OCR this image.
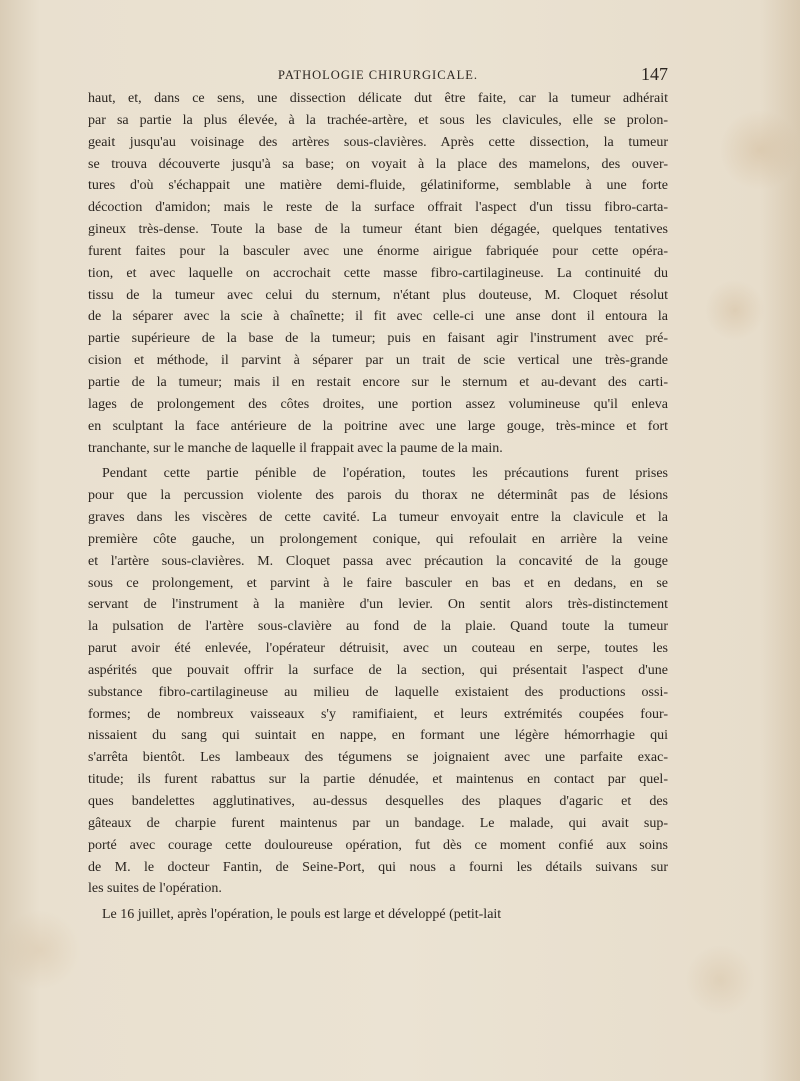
PATHOLOGIE CHIRURGICALE.	147
haut, et, dans ce sens, une dissection délicate dut être faite, car la tumeur adhérait
par sa partie la plus élevée, à la trachée-artère, et sous les clavicules, elle se prolon-
geait jusqu'au voisinage des artères sous-clavières. Après cette dissection, la tumeur
se trouva découverte jusqu'à sa base; on voyait à la place des mamelons, des ouver-
tures d'où s'échappait une matière demi-fluide, gélatiniforme, semblable à une forte
décoction d'amidon; mais le reste de la surface offrait l'aspect d'un tissu fibro-carta-
gineux très-dense. Toute la base de la tumeur étant bien dégagée, quelques tentatives
furent faites pour la basculer avec une énorme airigue fabriquée pour cette opéra-
tion, et avec laquelle on accrochait cette masse fibro-cartilagineuse. La continuité du
tissu de la tumeur avec celui du sternum, n'étant plus douteuse, M. Cloquet résolut
de la séparer avec la scie à chaînette; il fit avec celle-ci une anse dont il entoura la
partie supérieure de la base de la tumeur; puis en faisant agir l'instrument avec pré-
cision et méthode, il parvint à séparer par un trait de scie vertical une très-grande
partie de la tumeur; mais il en restait encore sur le sternum et au-devant des carti-
lages de prolongement des côtes droites, une portion assez volumineuse qu'il enleva
en sculptant la face antérieure de la poitrine avec une large gouge, très-mince et fort
tranchante, sur le manche de laquelle il frappait avec la paume de la main.
Pendant cette partie pénible de l'opération, toutes les précautions furent prises
pour que la percussion violente des parois du thorax ne déterminât pas de lésions
graves dans les viscères de cette cavité. La tumeur envoyait entre la clavicule et la
première côte gauche, un prolongement conique, qui refoulait en arrière la veine
et l'artère sous-clavières. M. Cloquet passa avec précaution la concavité de la gouge
sous ce prolongement, et parvint à le faire basculer en bas et en dedans, en se
servant de l'instrument à la manière d'un levier. On sentit alors très-distinctement
la pulsation de l'artère sous-clavière au fond de la plaie. Quand toute la tumeur
parut avoir été enlevée, l'opérateur détruisit, avec un couteau en serpe, toutes les
aspérités que pouvait offrir la surface de la section, qui présentait l'aspect d'une
substance fibro-cartilagineuse au milieu de laquelle existaient des productions ossi-
formes; de nombreux vaisseaux s'y ramifiaient, et leurs extrémités coupées four-
nissaient du sang qui suintait en nappe, en formant une légère hémorrhagie qui
s'arrêta bientôt. Les lambeaux des tégumens se joignaient avec une parfaite exac-
titude; ils furent rabattus sur la partie dénudée, et maintenus en contact par quel-
ques bandelettes agglutinatives, au-dessus desquelles des plaques d'agaric et des
gâteaux de charpie furent maintenus par un bandage. Le malade, qui avait sup-
porté avec courage cette douloureuse opération, fut dès ce moment confié aux soins
de M. le docteur Fantin, de Seine-Port, qui nous a fourni les détails suivans sur
les suites de l'opération.
Le 16 juillet, après l'opération, le pouls est large et développé (petit-lait
